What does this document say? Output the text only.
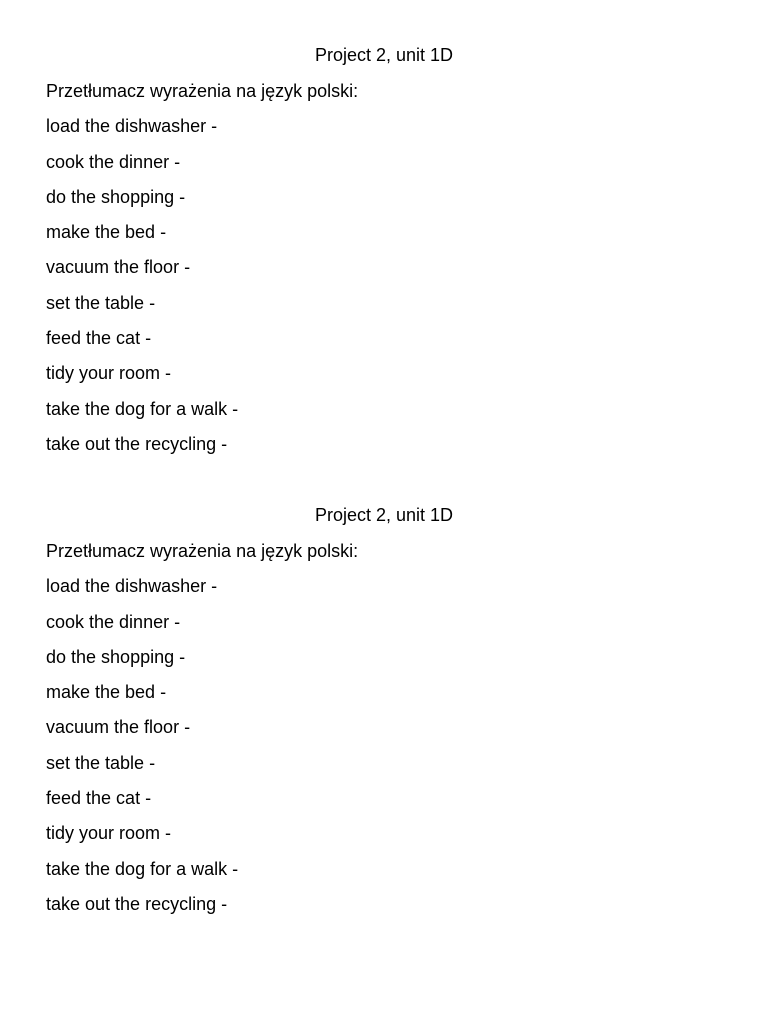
Project 2, unit 1D
Przetłumacz wyrażenia na język polski:
load the dishwasher -
cook the dinner -
do the shopping -
make the bed -
vacuum the floor -
set the table -
feed the cat -
tidy your room -
take the dog for a walk -
take out the recycling -
Project 2, unit 1D
Przetłumacz wyrażenia na język polski:
load the dishwasher -
cook the dinner -
do the shopping -
make the bed -
vacuum the floor -
set the table -
feed the cat -
tidy your room -
take the dog for a walk -
take out the recycling -
